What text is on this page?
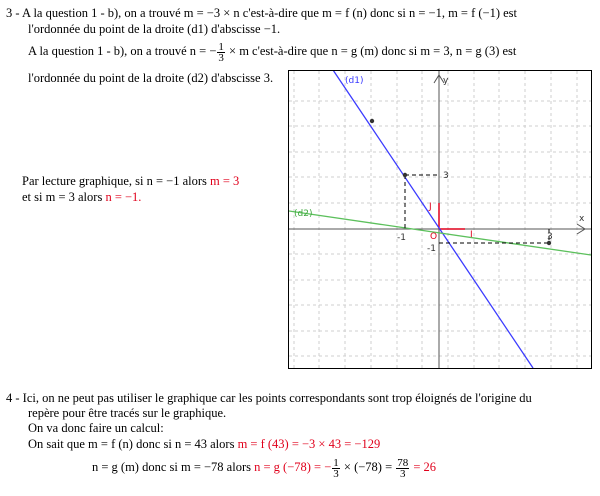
3 - A la question 1 - b), on a trouvé m = −3 × n c'est-à-dire que m = f (n) donc si n = −1, m = f (−1) est
l'ordonnée du point de la droite (d1) d'abscisse −1.
A la question 1 - b), on a trouvé n = − $\frac{1}{3} \times m$ c'est-à-dire que n = g (m) donc si m = 3, n = g (3) est
l'ordonnée du point de la droite (d2) d'abscisse 3.
Par lecture graphique, si n = −1 alors m = 3
et si m = 3 alors n = −1.
(d1)
(d2)
y
x
O	I
J
3
-1	3
-1
4 - Ici, on ne peut pas utiliser le graphique car les points correspondants sont trop éloignés de l'origine du
repère pour être tracés sur le graphique.
On va donc faire un calcul:
On sait que m = f (n) donc si n = 43 alors m = f (43) = −3 × 43 = −129
n = g (m) donc si m = −78 alors n = g (−78) = − $\frac{1}{3} \times (-78) = \frac{78}{3} = 26$
